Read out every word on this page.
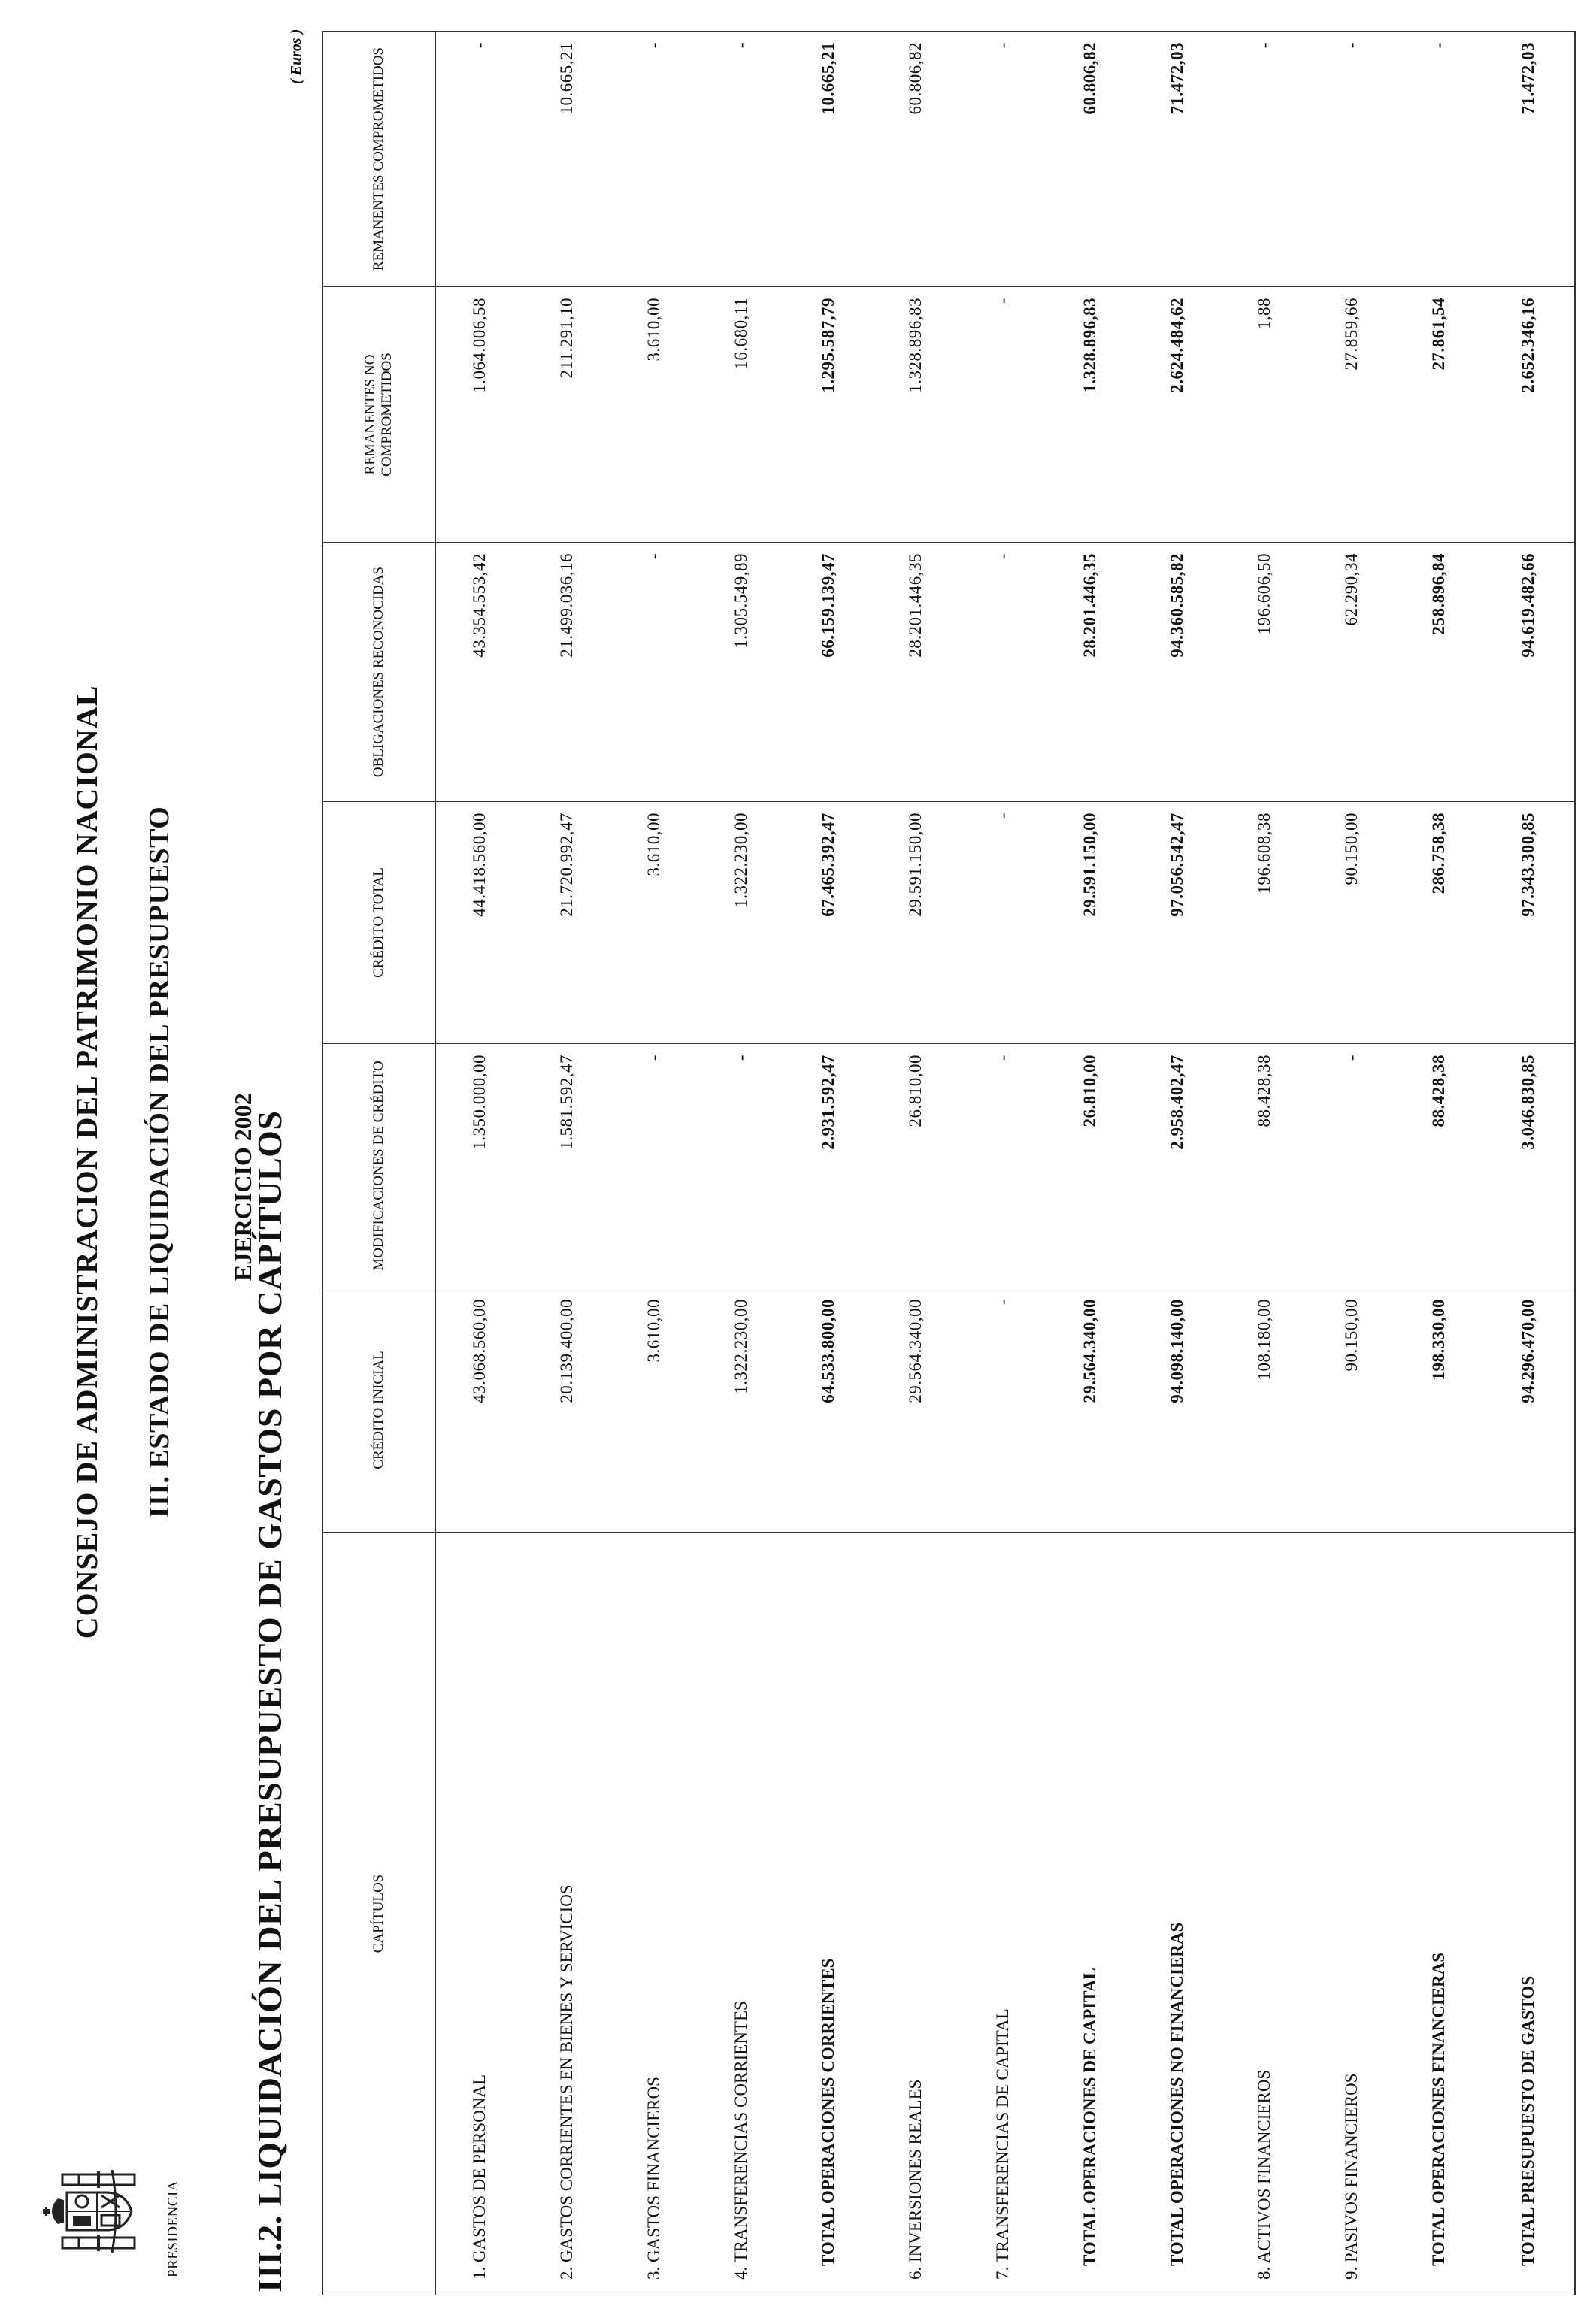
PRESIDENCIA
CONSEJO DE ADMINISTRACION DEL PATRIMONIO NACIONAL III. ESTADO DE LIQUIDACIÓN DEL PRESUPUESTO EJERCICIO 2002
III.2. LIQUIDACIÓN DEL PRESUPUESTO DE GASTOS POR CAPÍTULOS
( Euros )
CAPÍTULOS	CRÉDITO INICIAL	MODIFICACIONES DE CRÉDITO	CRÉDITO TOTAL	OBLIGACIONES RECONOCIDAS	REMANENTES NO COMPROMETIDOS	REMANENTES COMPROMETIDOS
1. GASTOS DE PERSONAL	43.068.560,00	1.350.000,00	44.418.560,00	43.354.553,42	1.064.006,58	-
2. GASTOS CORRIENTES EN BIENES Y SERVICIOS	20.139.400,00	1.581.592,47	21.720.992,47	21.499.036,16	211.291,10	10.665,21
3. GASTOS FINANCIEROS	3.610,00	-	3.610,00	-	3.610,00	-
4. TRANSFERENCIAS CORRIENTES	1.322.230,00	-	1.322.230,00	1.305.549,89	16.680,11	-
TOTAL OPERACIONES CORRIENTES	64.533.800,00	2.931.592,47	67.465.392,47	66.159.139,47	1.295.587,79	10.665,21
6. INVERSIONES REALES	29.564.340,00	26.810,00	29.591.150,00	28.201.446,35	1.328.896,83	60.806,82
7. TRANSFERENCIAS DE CAPITAL	-	-	-	-	-	-
TOTAL OPERACIONES DE CAPITAL	29.564.340,00	26.810,00	29.591.150,00	28.201.446,35	1.328.896,83	60.806,82
TOTAL OPERACIONES NO FINANCIERAS	94.098.140,00	2.958.402,47	97.056.542,47	94.360.585,82	2.624.484,62	71.472,03
8. ACTIVOS FINANCIEROS	108.180,00	88.428,38	196.608,38	196.606,50	1,88	-
9. PASIVOS FINANCIEROS	90.150,00	-	90.150,00	62.290,34	27.859,66	-
TOTAL OPERACIONES FINANCIERAS	198.330,00	88.428,38	286.758,38	258.896,84	27.861,54	-
TOTAL PRESUPUESTO DE GASTOS	94.296.470,00	3.046.830,85	97.343.300,85	94.619.482,66	2.652.346,16	71.472,03
